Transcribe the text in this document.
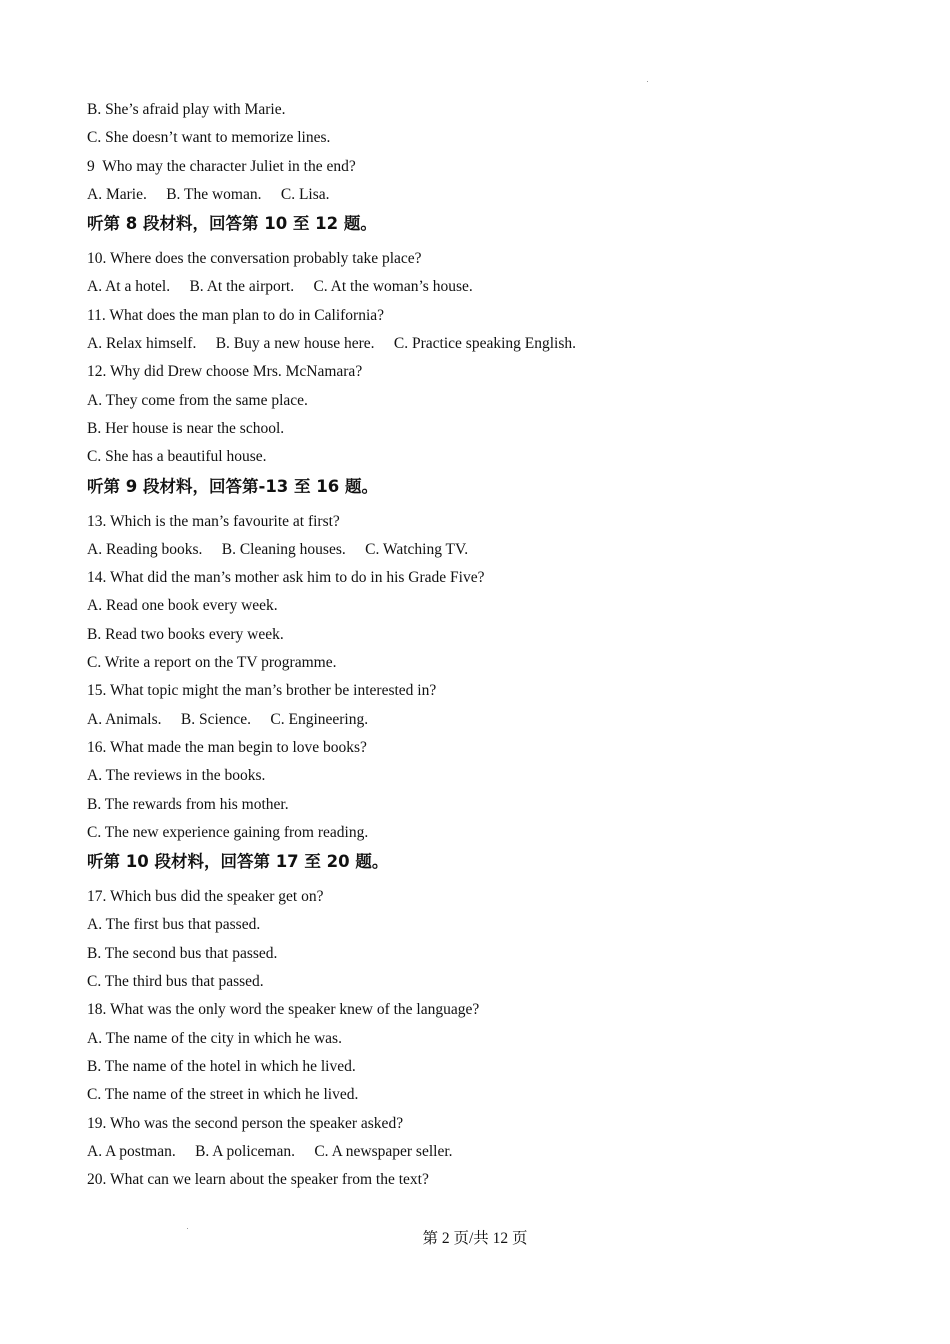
B. She’s afraid play with Marie.
C. She doesn’t want to memorize lines.
9  Who may the character Juliet in the end?
A. Marie.     B. The woman.     C. Lisa.
听第 8 段材料，回答第 10 至 12 题。
10. Where does the conversation probably take place?
A. At a hotel.     B. At the airport.     C. At the woman’s house.
11. What does the man plan to do in California?
A. Relax himself.     B. Buy a new house here.     C. Practice speaking English.
12. Why did Drew choose Mrs. McNamara?
A. They come from the same place.
B. Her house is near the school.
C. She has a beautiful house.
听第 9 段材料，回答第-13 至 16 题。
13. Which is the man’s favourite at first?
A. Reading books.     B. Cleaning houses.     C. Watching TV.
14. What did the man’s mother ask him to do in his Grade Five?
A. Read one book every week.
B. Read two books every week.
C. Write a report on the TV programme.
15. What topic might the man’s brother be interested in?
A. Animals.     B. Science.     C. Engineering.
16. What made the man begin to love books?
A. The reviews in the books.
B. The rewards from his mother.
C. The new experience gaining from reading.
听第 10 段材料，回答第 17 至 20 题。
17. Which bus did the speaker get on?
A. The first bus that passed.
B. The second bus that passed.
C. The third bus that passed.
18. What was the only word the speaker knew of the language?
A. The name of the city in which he was.
B. The name of the hotel in which he lived.
C. The name of the street in which he lived.
19. Who was the second person the speaker asked?
A. A postman.     B. A policeman.     C. A newspaper seller.
20. What can we learn about the speaker from the text?
第 2 页/共 12 页
